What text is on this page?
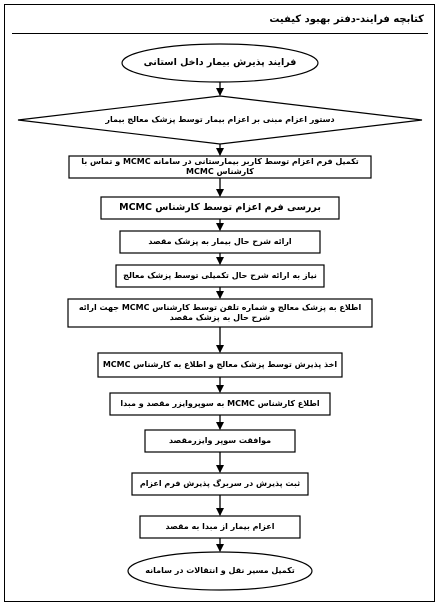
کتابچه فرایند-دفتر بهبود کیفیت
فرایند پذیرش بیمار داخل استانی
دستور اعزام مبنی بر اعزام بیمار توسط پزشک معالج بیمار
تکمیل فرم اعزام توسط کاربر بیمارستانی در سامانه MCMC و تماس با کارشناس MCMC
بررسی فرم اعزام توسط کارشناس MCMC
ارائه شرح حال بیمار به پزشک مقصد
نیاز به ارائه شرح حال تکمیلی توسط پزشک معالج
اطلاع به پزشک معالج و شماره تلفن توسط کارشناس MCMC جهت ارائه شرح حال به پزشک مقصد
اخذ پذیرش توسط پزشک معالج و اطلاع به کارشناس MCMC
اطلاع کارشناس MCMC به سوپروایزر مقصد و مبدا
موافقت سوپر وایزرمقصد
ثبت پذیرش در سربرگ پذیرش فرم اعزام
اعزام بیمار از مبدا به مقصد
تکمیل مسیر نقل و انتقالات در سامانه
